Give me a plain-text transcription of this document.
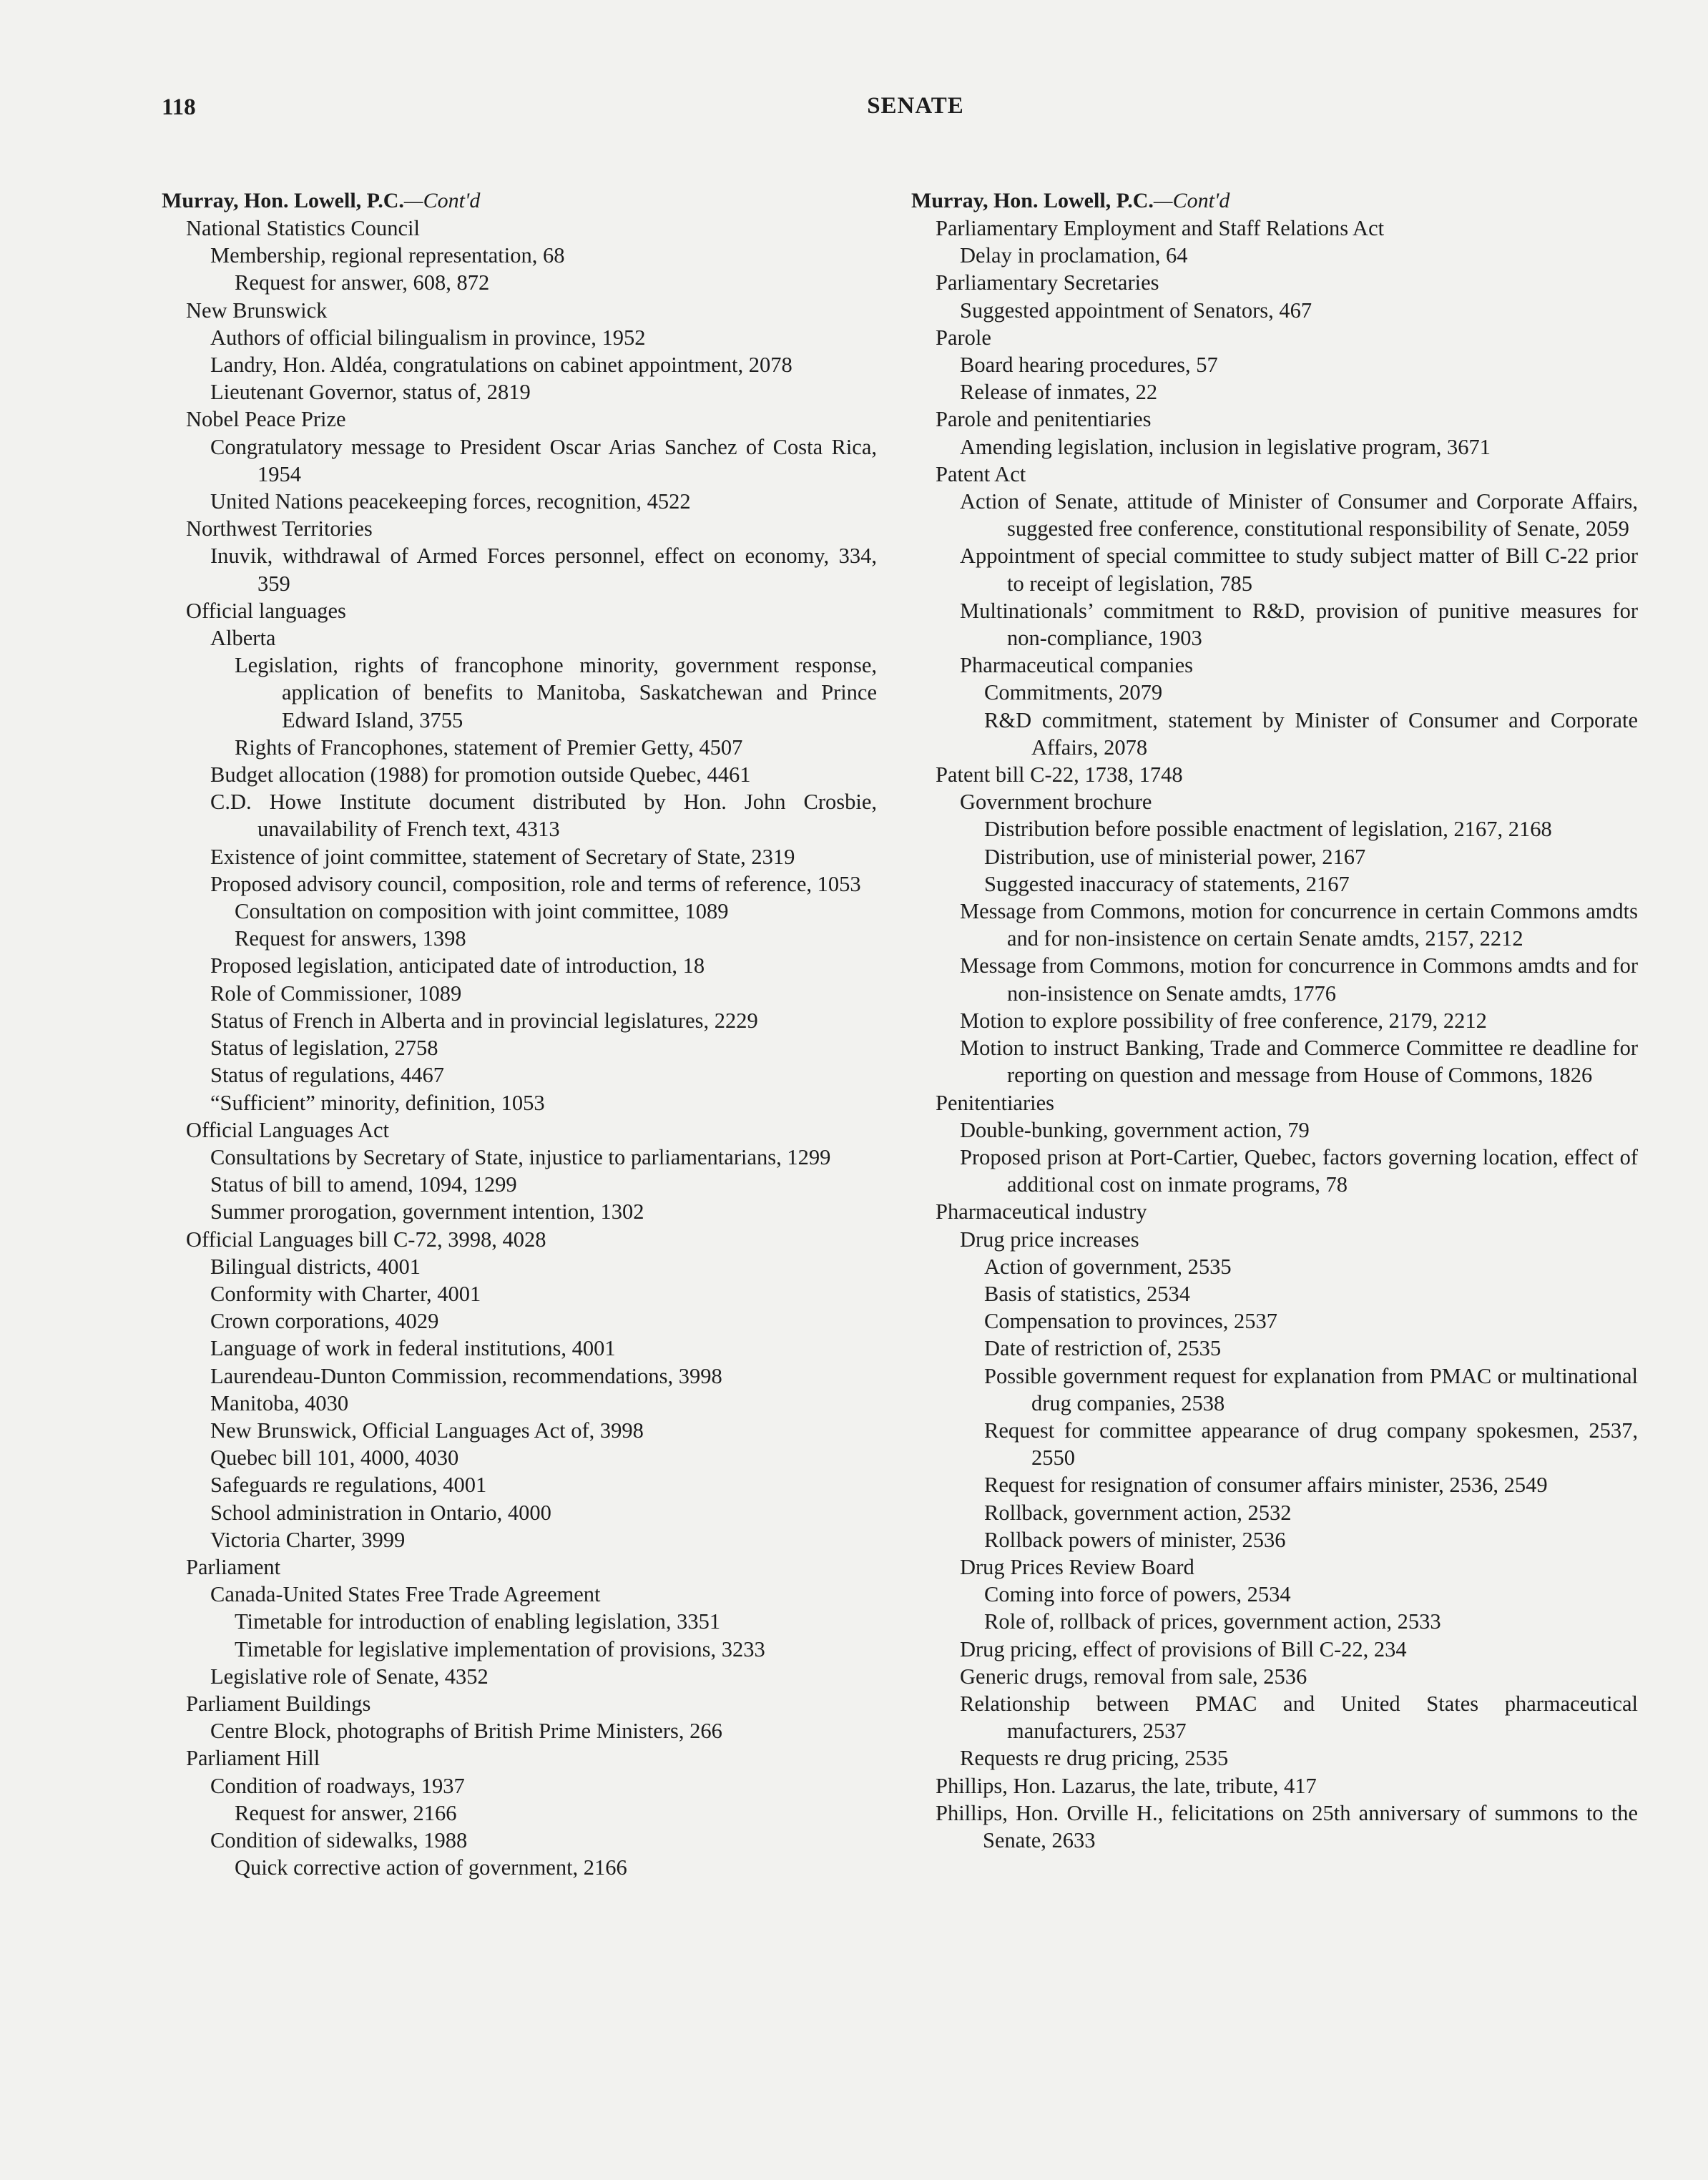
118	SENATE
Murray, Hon. Lowell, P.C.—Cont'd
National Statistics Council
Membership, regional representation, 68
Request for answer, 608, 872
New Brunswick
Authors of official bilingualism in province, 1952
Landry, Hon. Aldéa, congratulations on cabinet appointment, 2078
Lieutenant Governor, status of, 2819
Nobel Peace Prize
Congratulatory message to President Oscar Arias Sanchez of Costa Rica, 1954
United Nations peacekeeping forces, recognition, 4522
Northwest Territories
Inuvik, withdrawal of Armed Forces personnel, effect on economy, 334, 359
Official languages
Alberta
Legislation, rights of francophone minority, government response, application of benefits to Manitoba, Saskatchewan and Prince Edward Island, 3755
Rights of Francophones, statement of Premier Getty, 4507
Budget allocation (1988) for promotion outside Quebec, 4461
C.D. Howe Institute document distributed by Hon. John Crosbie, unavailability of French text, 4313
Existence of joint committee, statement of Secretary of State, 2319
Proposed advisory council, composition, role and terms of reference, 1053
Consultation on composition with joint committee, 1089
Request for answers, 1398
Proposed legislation, anticipated date of introduction, 18
Role of Commissioner, 1089
Status of French in Alberta and in provincial legislatures, 2229
Status of legislation, 2758
Status of regulations, 4467
“Sufficient” minority, definition, 1053
Official Languages Act
Consultations by Secretary of State, injustice to parliamentarians, 1299
Status of bill to amend, 1094, 1299
Summer prorogation, government intention, 1302
Official Languages bill C-72, 3998, 4028
Bilingual districts, 4001
Conformity with Charter, 4001
Crown corporations, 4029
Language of work in federal institutions, 4001
Laurendeau-Dunton Commission, recommendations, 3998
Manitoba, 4030
New Brunswick, Official Languages Act of, 3998
Quebec bill 101, 4000, 4030
Safeguards re regulations, 4001
School administration in Ontario, 4000
Victoria Charter, 3999
Parliament
Canada-United States Free Trade Agreement
Timetable for introduction of enabling legislation, 3351
Timetable for legislative implementation of provisions, 3233
Legislative role of Senate, 4352
Parliament Buildings
Centre Block, photographs of British Prime Ministers, 266
Parliament Hill
Condition of roadways, 1937
Request for answer, 2166
Condition of sidewalks, 1988
Quick corrective action of government, 2166
Murray, Hon. Lowell, P.C.—Cont'd
Parliamentary Employment and Staff Relations Act
Delay in proclamation, 64
Parliamentary Secretaries
Suggested appointment of Senators, 467
Parole
Board hearing procedures, 57
Release of inmates, 22
Parole and penitentiaries
Amending legislation, inclusion in legislative program, 3671
Patent Act
Action of Senate, attitude of Minister of Consumer and Corporate Affairs, suggested free conference, constitutional responsibility of Senate, 2059
Appointment of special committee to study subject matter of Bill C-22 prior to receipt of legislation, 785
Multinationals’ commitment to R&D, provision of punitive measures for non-compliance, 1903
Pharmaceutical companies
Commitments, 2079
R&D commitment, statement by Minister of Consumer and Corporate Affairs, 2078
Patent bill C-22, 1738, 1748
Government brochure
Distribution before possible enactment of legislation, 2167, 2168
Distribution, use of ministerial power, 2167
Suggested inaccuracy of statements, 2167
Message from Commons, motion for concurrence in certain Commons amdts and for non-insistence on certain Senate amdts, 2157, 2212
Message from Commons, motion for concurrence in Commons amdts and for non-insistence on Senate amdts, 1776
Motion to explore possibility of free conference, 2179, 2212
Motion to instruct Banking, Trade and Commerce Committee re deadline for reporting on question and message from House of Commons, 1826
Penitentiaries
Double-bunking, government action, 79
Proposed prison at Port-Cartier, Quebec, factors governing location, effect of additional cost on inmate programs, 78
Pharmaceutical industry
Drug price increases
Action of government, 2535
Basis of statistics, 2534
Compensation to provinces, 2537
Date of restriction of, 2535
Possible government request for explanation from PMAC or multinational drug companies, 2538
Request for committee appearance of drug company spokesmen, 2537, 2550
Request for resignation of consumer affairs minister, 2536, 2549
Rollback, government action, 2532
Rollback powers of minister, 2536
Drug Prices Review Board
Coming into force of powers, 2534
Role of, rollback of prices, government action, 2533
Drug pricing, effect of provisions of Bill C-22, 234
Generic drugs, removal from sale, 2536
Relationship between PMAC and United States pharmaceutical manufacturers, 2537
Requests re drug pricing, 2535
Phillips, Hon. Lazarus, the late, tribute, 417
Phillips, Hon. Orville H., felicitations on 25th anniversary of summons to the Senate, 2633
